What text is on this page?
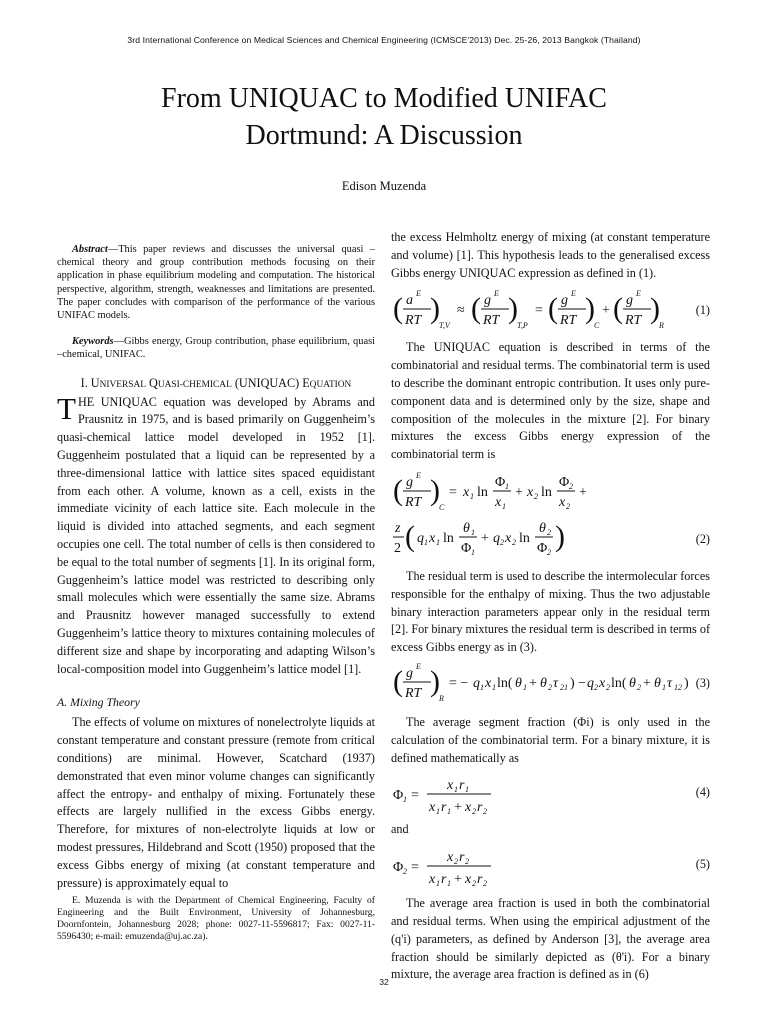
3rd International Conference on Medical Sciences and Chemical Engineering (ICMSCE'2013) Dec. 25-26, 2013 Bangkok (Thailand)
From UNIQUAC to Modified UNIFAC
Dortmund: A Discussion
Edison Muzenda

Abstract—This paper reviews and discusses the universal quasi – chemical theory and group contribution methods focusing on their application in phase equilibrium modeling and computation. The historical perspective, algorithm, strength, weaknesses and limitations are presented. The paper concludes with comparison of the performance of the various UNIFAC models.

Keywords—Gibbs energy, Group contribution, phase equilibrium, quasi –chemical, UNIFAC.

I. UNIVERSAL QUASI-CHEMICAL (UNIQUAC) EQUATION

THE UNIQUAC equation was developed by Abrams and Prausnitz in 1975, and is based primarily on Guggenheim’s quasi-chemical lattice model developed in 1952 [1]. Guggenheim postulated that a liquid can be represented by a three-dimensional lattice with lattice sites spaced equidistant from each other. A volume, known as a cell, exists in the immediate vicinity of each lattice site. Each molecule in the liquid is divided into attached segments, and each segment occupies one cell. The total number of cells is then considered to be equal to the total number of segments [1]. In its original form, Guggenheim’s lattice model was restricted to describing only small molecules which were essentially the same size. Abrams and Prausnitz however managed successfully to extend Guggenheim’s lattice theory to mixtures containing molecules of different size and shape by incorporating and adapting Wilson’s local-composition model into Guggenheim’s lattice model [1].

A. Mixing Theory

The effects of volume on mixtures of nonelectrolyte liquids at constant temperature and constant pressure (remote from critical conditions) are minimal. However, Scatchard (1937) demonstrated that even minor volume changes can significantly affect the entropy- and enthalpy of mixing. Fortunately these effects are largely nullified in the excess Gibbs energy. Therefore, for mixtures of non-electrolyte liquids at low or modest pressures, Hildebrand and Scott (1950) proposed that the excess Gibbs energy of mixing (at constant temperature and pressure) is approximately equal to

E. Muzenda is with the Department of Chemical Engineering, Faculty of Engineering and the Built Environment, University of Johannesburg, Doornfontein, Johannesburg 2028; phone: 0027-11-5596817; Fax: 0027-11-5596430; e-mail: emuzenda@uj.ac.za).

the excess Helmholtz energy of mixing (at constant temperature and volume) [1]. This hypothesis leads to the generalised excess Gibbs energy UNIQUAC expression as defined in (1).

( a E
RT )
T,V
≈ ( g E
RT )
T,P
= ( g E
RT )
C
+ ( g E
RT )
R
(1)

The UNIQUAC equation is described in terms of the combinatorial and residual terms. The combinatorial term is used to describe the dominant entropic contribution. It uses only pure-component data and is determined only by the size, shape and composition of the molecules in the mixture [2]. For binary mixtures the excess Gibbs energy expression of the combinatorial term is

( g E
RT )
C
= x 1 ln
Φ 1
x 1
+ x 2 ln
Φ 2
x 2
+
z
2 ( q 1 x 1 ln
θ 1
Φ 1
+ q 2 x 2 ln
θ 2
Φ 2 )	(2)

The residual term is used to describe the intermolecular forces responsible for the enthalpy of mixing. Thus the two adjustable binary interaction parameters appear only in the residual term [2]. For binary mixtures the residual term is described in terms of excess Gibbs energy as in (3).

( g E
RT )
R
= − q 1 x 1 ln( θ 1 + θ 2 τ 21 ) − q 2 x 2 ln( θ 2 + θ 1 τ 12 ) (3)

The average segment fraction (Φi) is only used in the calculation of the combinatorial term. For a binary mixture, it is defined mathematically as

Φ 1 =
x 1 r 1
x 1 r 1 + x 2 r 2
(4)

and

Φ 2 =
x 2 r 2
x 1 r 1 + x 2 r 2
(5)

The average area fraction is used in both the combinatorial and residual terms. When using the empirical adjustment of the (q'i) parameters, as defined by Anderson [3], the average area fraction should be similarly depicted as (θ'i). For a binary mixture, the average area fraction is defined as in (6)

32
